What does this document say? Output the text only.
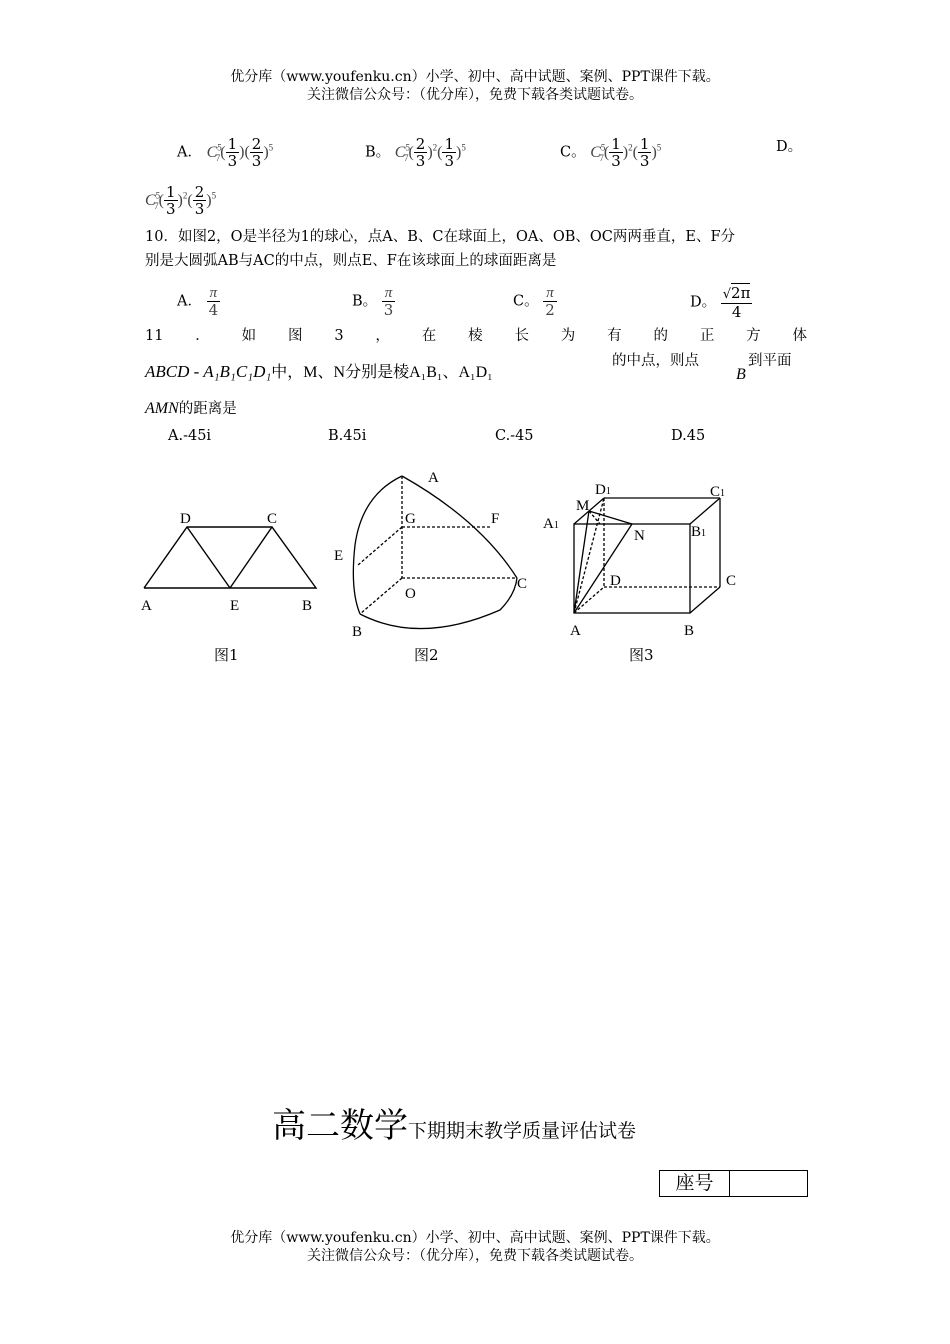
优分库（www.youfenku.cn）小学、初中、高中试题、案例、PPT课件下载。
关注微信公众号：（优分库），免费下载各类试题试卷。
A． $C^5_7( \frac{1}{3}$ )( $\frac{2}{3} )^5$	B。 $C^5_7( \frac{2}{3} )^2( \frac{1}{3} )^5$	C。 $C^5_7( \frac{1}{3} )^2( \frac{1}{3} )^5$	D。
$C^5_7( \frac{1}{3} )^2( \frac{2}{3} )^5$
10．如图2，O是半径为1的球心，点A、B、C在球面上，OA、OB、OC两两垂直，E、F分
别是大圆弧AB与AC的中点，则点E、F在该球面上的球面距离是
A． $\frac{\pi}{4}$	B。 $\frac{\pi}{3}$	C。 $\frac{\pi}{2}$	D。 $\frac{√2\pi}{4}$
11 ． 如 图 3 ， 在 棱 长 为 有 的 正 方 体
ABCD - A₁B₁C₁D₁中，M、N分别是棱A₁B₁、A₁D₁
的中点，则点
B
到平面
AMN的距离是
A.-45i	B.45i	C.-45	D.45
D	C
A	E	B
图1
A
G	F
E
C
O
B
图2
D1	C1
M
A1
N	B1
D	C
A	B
图3
高二数学下期期末教学质量评估试卷
座号
优分库（www.youfenku.cn）小学、初中、高中试题、案例、PPT课件下载。
关注微信公众号：（优分库），免费下载各类试题试卷。
